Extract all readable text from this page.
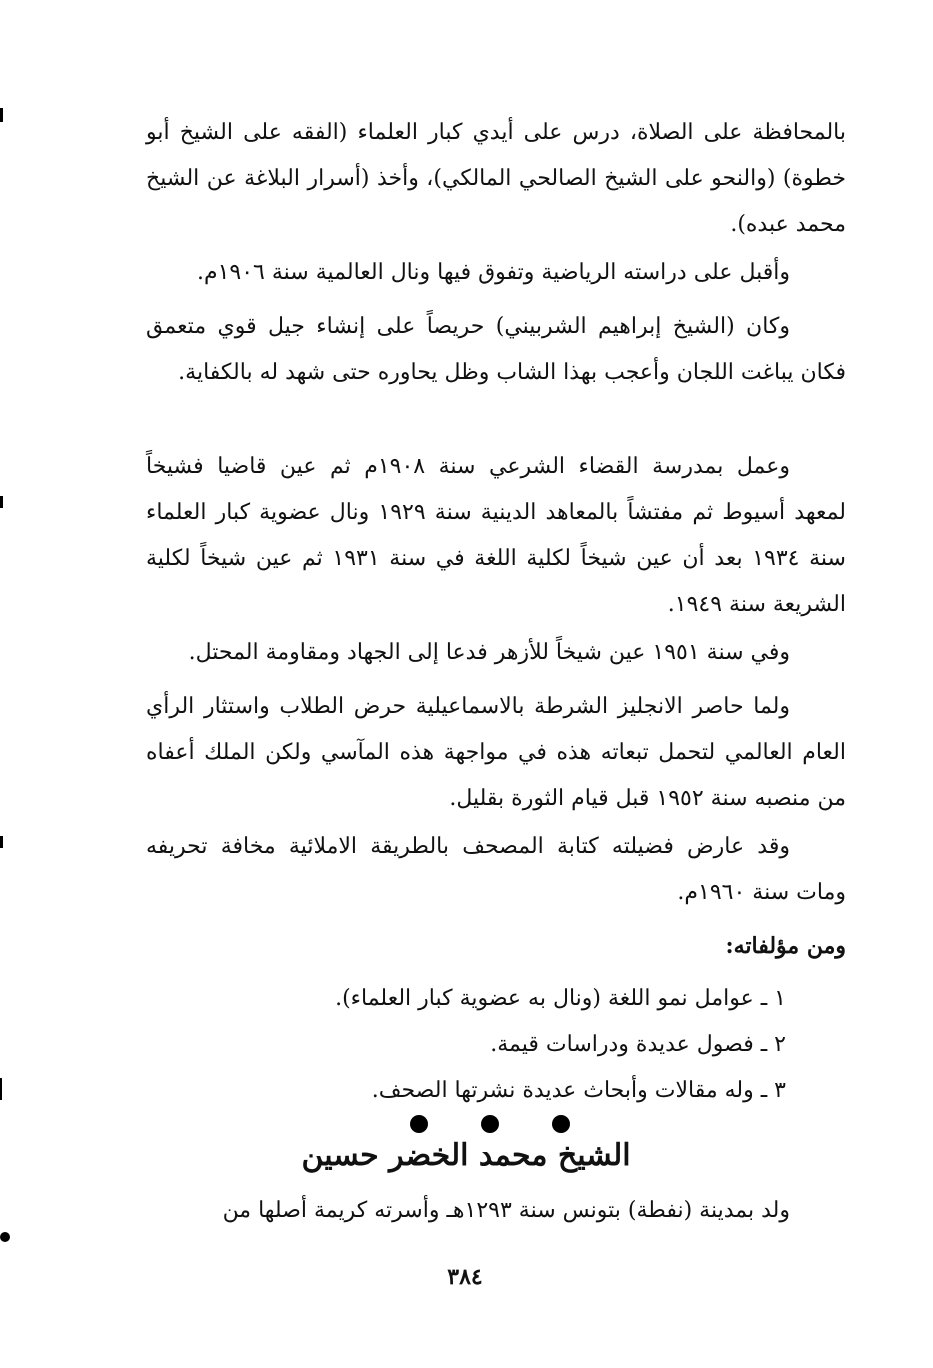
بالمحافظة على الصلاة، درس على أيدي كبار العلماء (الفقه على الشيخ أبو خطوة) (والنحو على الشيخ الصالحي المالكي)، وأخذ (أسرار البلاغة عن الشيخ محمد عبده).

وأقبل على دراسته الرياضية وتفوق فيها ونال العالمية سنة ١٩٠٦م.

وكان (الشيخ إبراهيم الشربيني) حريصاً على إنشاء جيل قوي متعمق فكان يباغت اللجان وأعجب بهذا الشاب وظل يحاوره حتى شهد له بالكفاية.

وعمل بمدرسة القضاء الشرعي سنة ١٩٠٨م ثم عين قاضيا فشيخاً لمعهد أسيوط ثم مفتشاً بالمعاهد الدينية سنة ١٩٢٩ ونال عضوية كبار العلماء سنة ١٩٣٤ بعد أن عين شيخاً لكلية اللغة في سنة ١٩٣١ ثم عين شيخاً لكلية الشريعة سنة ١٩٤٩.

وفي سنة ١٩٥١ عين شيخاً للأزهر فدعا إلى الجهاد ومقاومة المحتل.

ولما حاصر الانجليز الشرطة بالاسماعيلية حرض الطلاب واستثار الرأي العام العالمي لتحمل تبعاته هذه في مواجهة هذه المآسي ولكن الملك أعفاه من منصبه سنة ١٩٥٢ قبل قيام الثورة بقليل.

وقد عارض فضيلته كتابة المصحف بالطريقة الاملائية مخافة تحريفه ومات سنة ١٩٦٠م.

ومن مؤلفاته:

١ ـ عوامل نمو اللغة (ونال به عضوية كبار العلماء).
٢ ـ فصول عديدة ودراسات قيمة.
٣ ـ وله مقالات وأبحاث عديدة نشرتها الصحف.
الشيخ محمد الخضر حسين

ولد بمدينة (نفطة) بتونس سنة ١٢٩٣هـ وأسرته كريمة أصلها من

٣٨٤
